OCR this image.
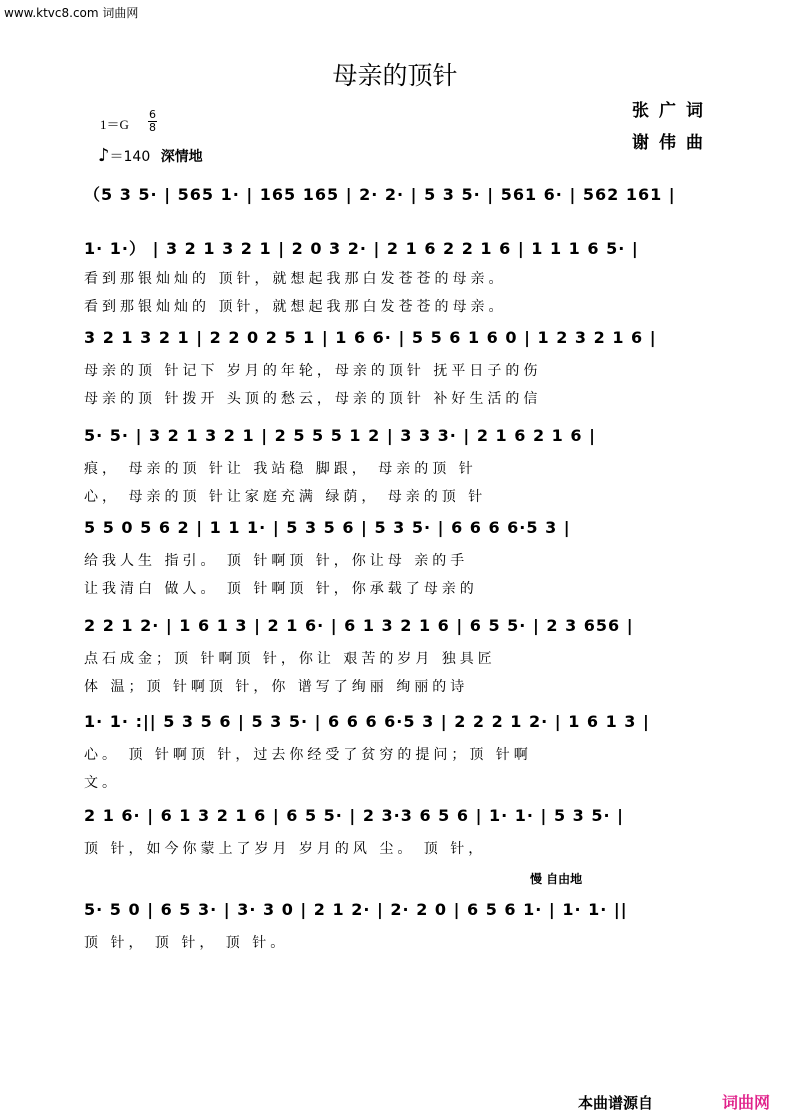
www.ktvc8.com 词曲网
母亲的顶针
张广词
谢伟曲
1＝G
6
8
♪＝140 深情地
（5 3 5· | 565 1· | 165 165 | 2· 2· | 5 3 5· | 561 6· | 562 161 |
1· 1·） | 3 2 1 3 2 1 | 2 0 3 2· | 2 1 6 2 2 1 6 | 1 1 1 6 5· |
看到那银灿灿的 顶针，就想起我那白发苍苍的母亲。
看到那银灿灿的 顶针，就想起我那白发苍苍的母亲。
3 2 1 3 2 1 | 2 2 0 2 5 1 | 1 6 6· | 5 5 6 1 6 0 | 1 2 3 2 1 6 |
母亲的顶 针记下 岁月的年轮，母亲的顶针 抚平日子的伤
母亲的顶 针拨开 头顶的愁云，母亲的顶针 补好生活的信
5· 5· | 3 2 1 3 2 1 | 2 5 5 5 1 2 | 3 3 3· | 2 1 6 2 1 6 |
痕， 母亲的顶 针让 我站稳 脚跟， 母亲的顶 针
心， 母亲的顶 针让家庭充满 绿荫， 母亲的顶 针
5 5 0 5 6 2 | 1 1 1· | 5 3 5 6 | 5 3 5· | 6 6 6 6·5 3 |
给我人生 指引。 顶 针啊顶 针，你让母 亲的手
让我清白 做人。 顶 针啊顶 针，你承载了母亲的
2 2 1 2· | 1 6 1 3 | 2 1 6· | 6 1 3 2 1 6 | 6 5 5· | 2 3 656 |
点石成金；顶 针啊顶 针，你让 艰苦的岁月 独具匠
体 温；顶 针啊顶 针，你 谱写了绚丽 绚丽的诗
1· 1· :|| 5 3 5 6 | 5 3 5· | 6 6 6 6·5 3 | 2 2 2 1 2· | 1 6 1 3 |
心。 顶 针啊顶 针，过去你经受了贫穷的提问；顶 针啊
文。
2 1 6· | 6 1 3 2 1 6 | 6 5 5· | 2 3·3 6 5 6 | 1· 1· | 5 3 5· |
顶 针，如今你蒙上了岁月 岁月的风 尘。 顶 针，
5· 5 0 | 6 5 3· | 3· 3 0 | 2 1 2· | 2· 2 0 | 6 5 6 1· | 1· 1· ||
顶 针， 顶 针， 顶 针。
慢 自由地
本曲谱源自	词曲网
